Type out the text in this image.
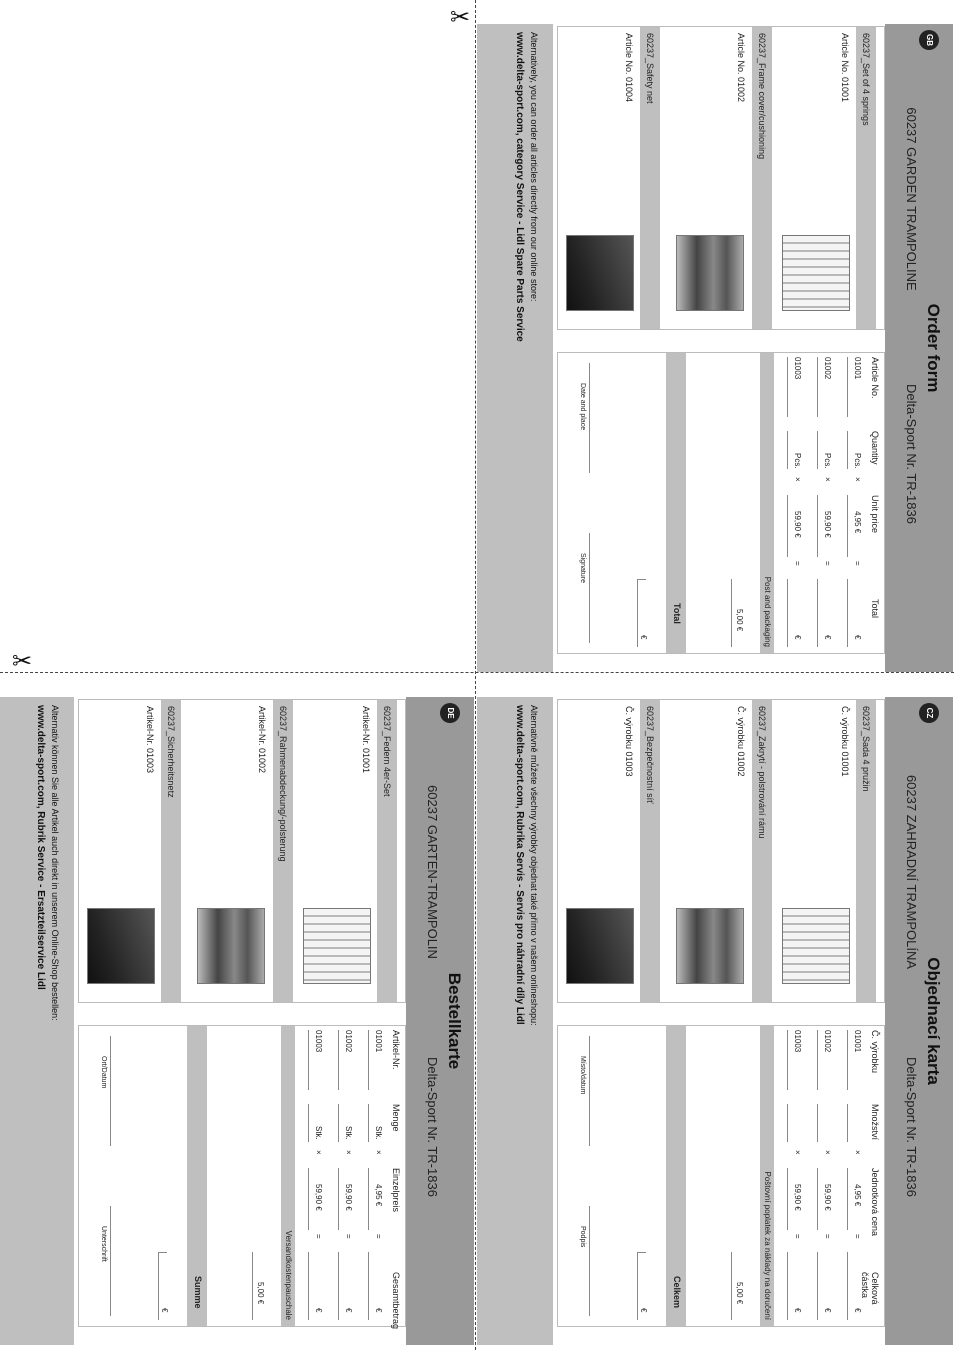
✂
✂
GB
Order form
60237 GARDEN TRAMPOLINE
Delta-Sport Nr. TR-1836
60237_Set of 4 springs
Article No. 01001
60237_Frame cover/cushioning
Article No. 01002
60237_Safety net
Article No. 01004
Article No.
Quantity
Unit price
Total
01001
Pcs.
×
4,95 €
=
€
01002
Pcs.
×
59,90 €
=
€
01003
Pcs.
×
59,90 €
=
€
Post and packaging
5,00 €
Total
€
Date and place
Signature
Alternatively, you can order all articles directly from our online store:
www.delta-sport.com, category Service - Lidl Spare Parts Service
CZ
Objednací karta
60237 ZAHRADNÍ TRAMPOLÍNA
Delta-Sport Nr. TR-1836
60237_Sada 4 pružin
Č. výrobku 01001
60237_Zakrytí - polstrování rámu
Č. výrobku 01002
60237_Bezpečnostní síť
Č. výrobku 01003
Č. výrobku
Množství
Jednotková cena
Celková částka
01001
×
4,95 €
=
€
01002
×
59,90 €
=
€
01003
×
59,90 €
=
€
Poštovní poplatek za náklady na doručení
5,00 €
Celkem
€
Místo/datum
Podpis
Alternativně můžete všechny výrobky objednat také přímo v našem onlineshopu:
www.delta-sport.com, Rubrika Servis - Servis pro náhradní díly Lidl
DE
Bestellkarte
60237 GARTEN-TRAMPOLIN
Delta-Sport Nr. TR-1836
60237_Federn 4er-Set
Artikel-Nr. 01001
60237_Rahmenabdeckung/-polsterung
Artikel-Nr. 01002
60237_Sicherheitsnetz
Artikel-Nr. 01003
Artikel-Nr.
Menge
Einzelpreis
Gesamtbetrag
01001
Stk.
×
4,95 €
=
€
01002
Stk.
×
59,90 €
=
€
01003
Stk.
×
59,90 €
=
€
Versandkostenpauschale
5,00 €
Summe
€
Ort/Datum
Unterschrift
Alternativ können Sie alle Artikel auch direkt in unserem Online-Shop bestellen:
www.delta-sport.com, Rubrik Service - Ersatzteilservice Lidl
